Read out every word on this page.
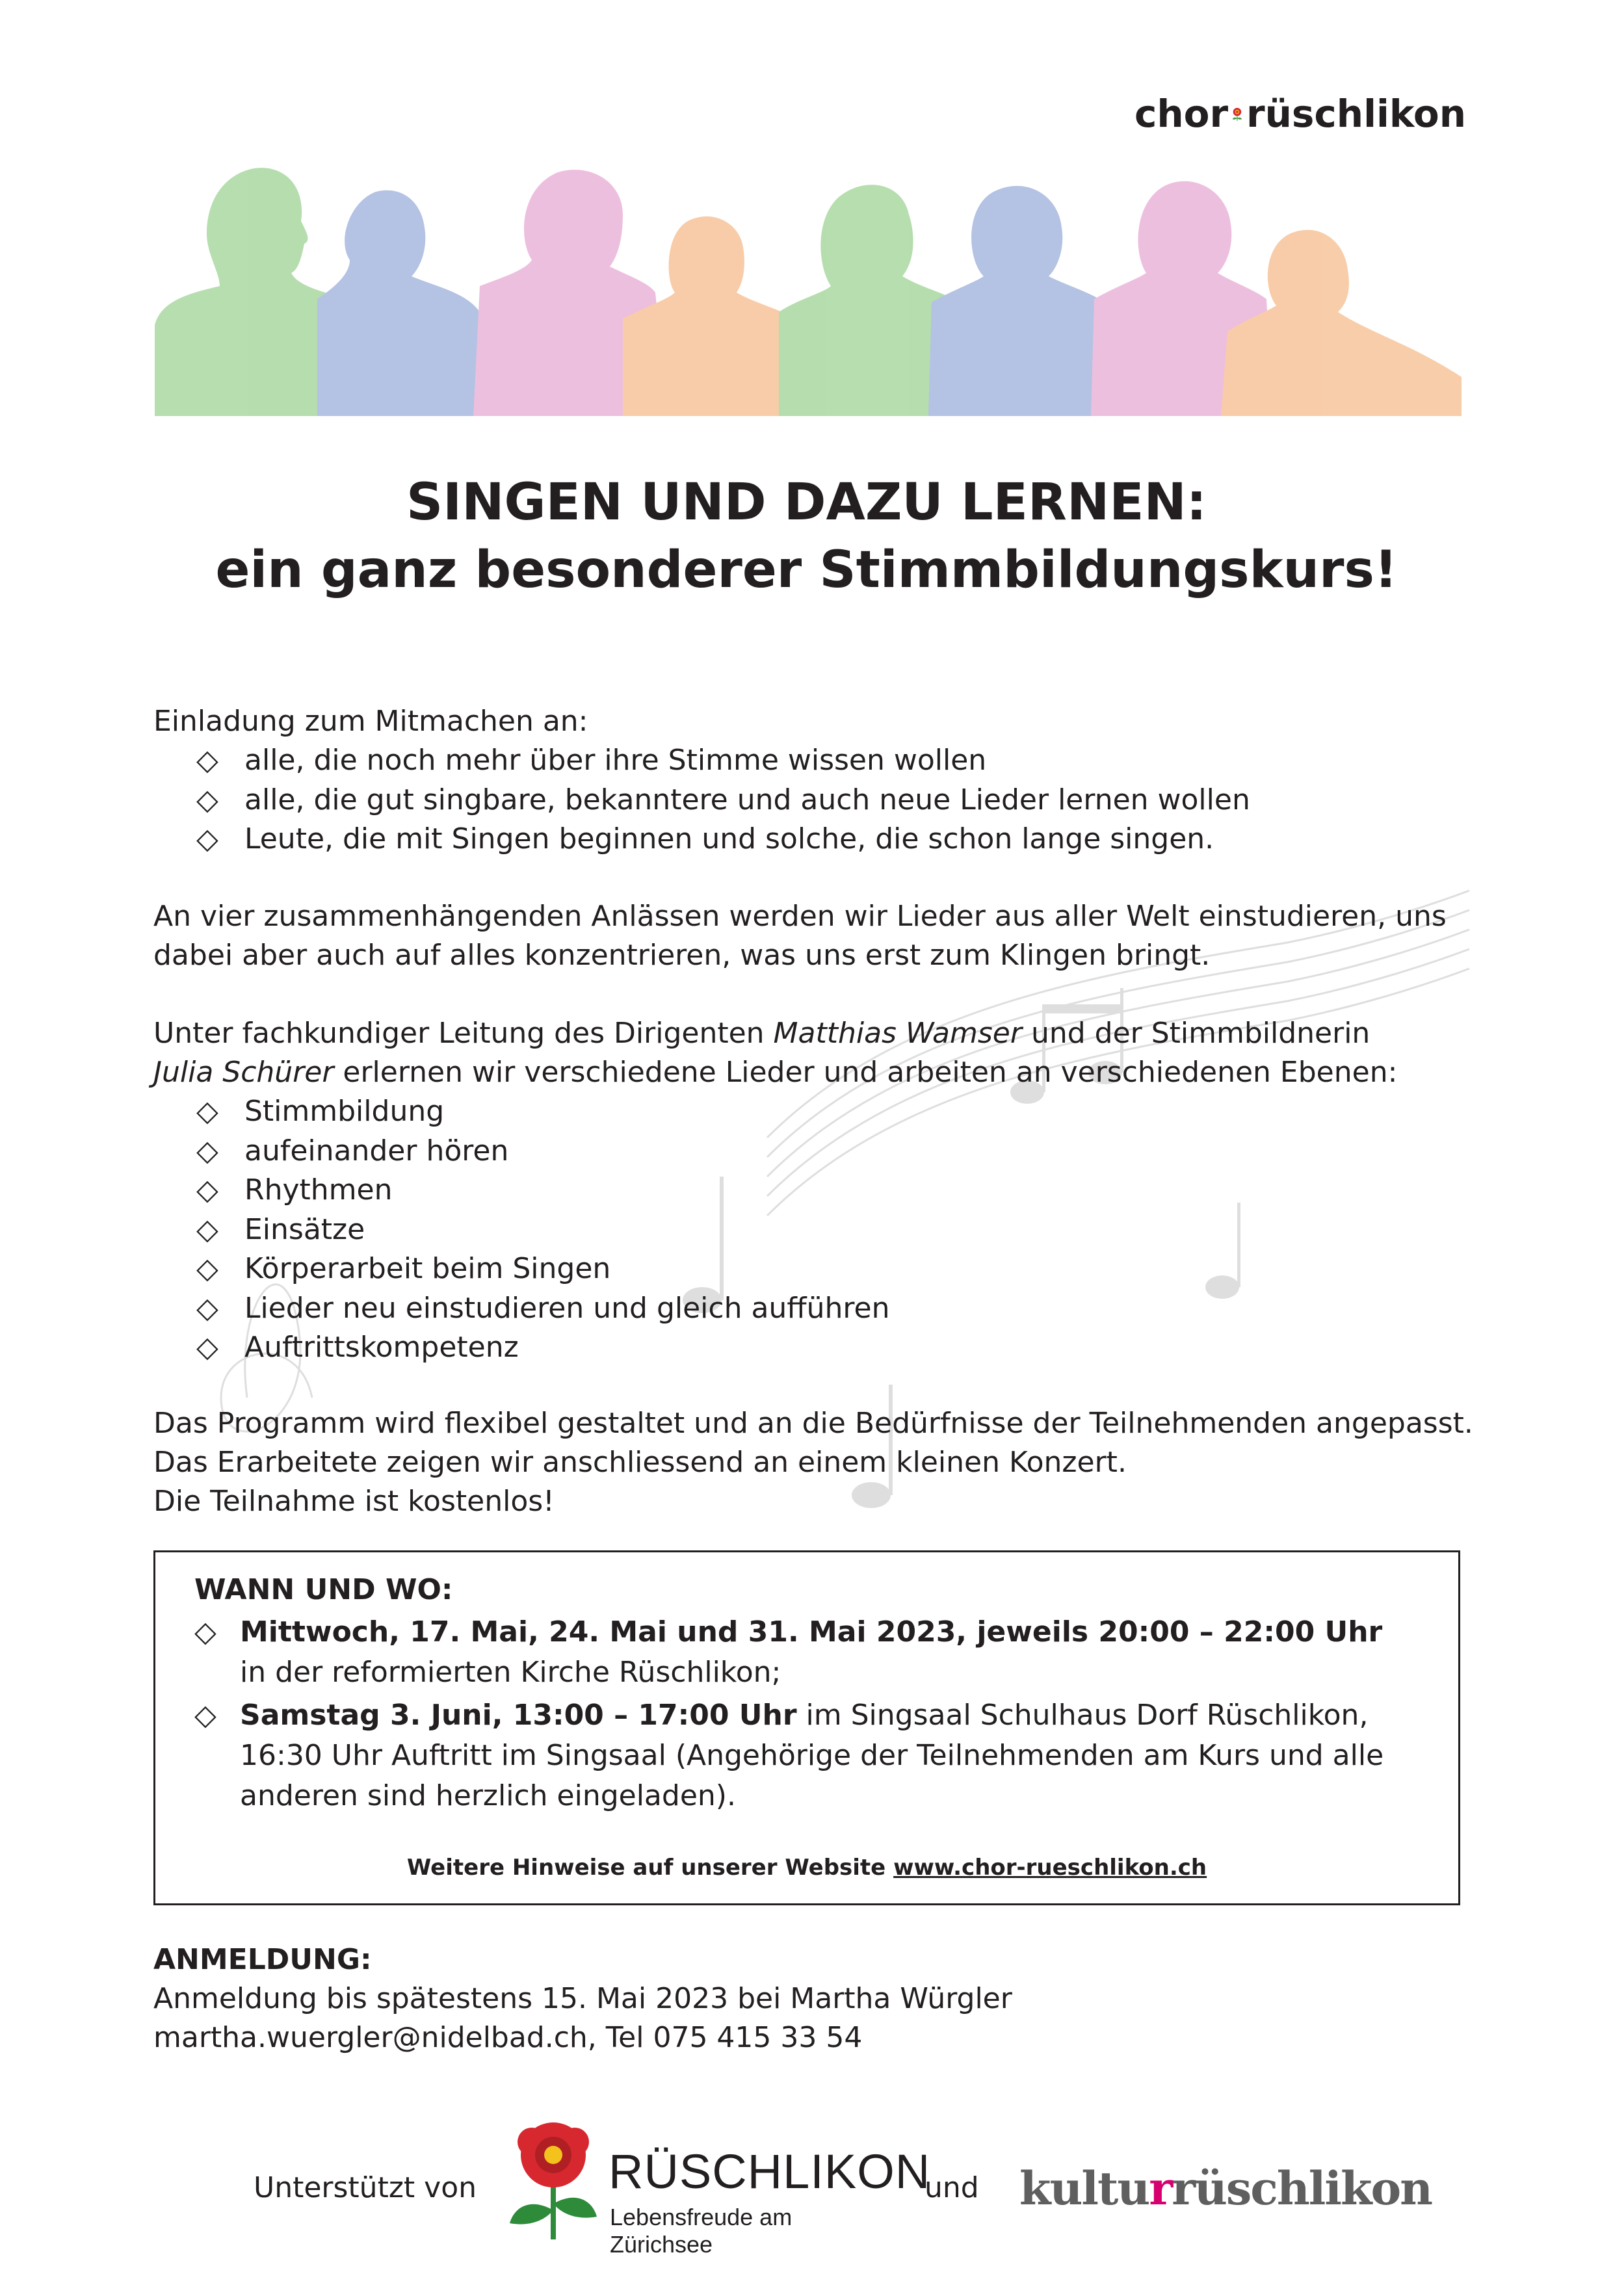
chor rüschlikon
SINGEN UND DAZU LERNEN:
ein ganz besonderer Stimmbildungskurs!
Einladung zum Mitmachen an:
◇ alle, die noch mehr über ihre Stimme wissen wollen
◇ alle, die gut singbare, bekanntere und auch neue Lieder lernen wollen
◇ Leute, die mit Singen beginnen und solche, die schon lange singen.
An vier zusammenhängenden Anlässen werden wir Lieder aus aller Welt einstudieren, uns
dabei aber auch auf alles konzentrieren, was uns erst zum Klingen bringt.
Unter fachkundiger Leitung des Dirigenten Matthias Wamser und der Stimmbildnerin
Julia Schürer erlernen wir verschiedene Lieder und arbeiten an verschiedenen Ebenen:
◇ Stimmbildung
◇ aufeinander hören
◇ Rhythmen
◇ Einsätze
◇ Körperarbeit beim Singen
◇ Lieder neu einstudieren und gleich aufführen
◇ Auftrittskompetenz
Das Programm wird flexibel gestaltet und an die Bedürfnisse der Teilnehmenden angepasst.
Das Erarbeitete zeigen wir anschliessend an einem kleinen Konzert.
Die Teilnahme ist kostenlos!
WANN UND WO:
◇ Mittwoch, 17. Mai, 24. Mai und 31. Mai 2023, jeweils 20:00 – 22:00 Uhr
in der reformierten Kirche Rüschlikon;
◇ Samstag 3. Juni, 13:00 – 17:00 Uhr im Singsaal Schulhaus Dorf Rüschlikon,
16:30 Uhr Auftritt im Singsaal (Angehörige der Teilnehmenden am Kurs und alle
anderen sind herzlich eingeladen).
Weitere Hinweise auf unserer Website www.chor-rueschlikon.ch
ANMELDUNG:
Anmeldung bis spätestens 15. Mai 2023 bei Martha Würgler
martha.wuergler@nidelbad.ch, Tel 075 415 33 54
Unterstützt von	RÜSCHLIKON
Lebensfreude am Zürichsee
und kulturrüschlikon
